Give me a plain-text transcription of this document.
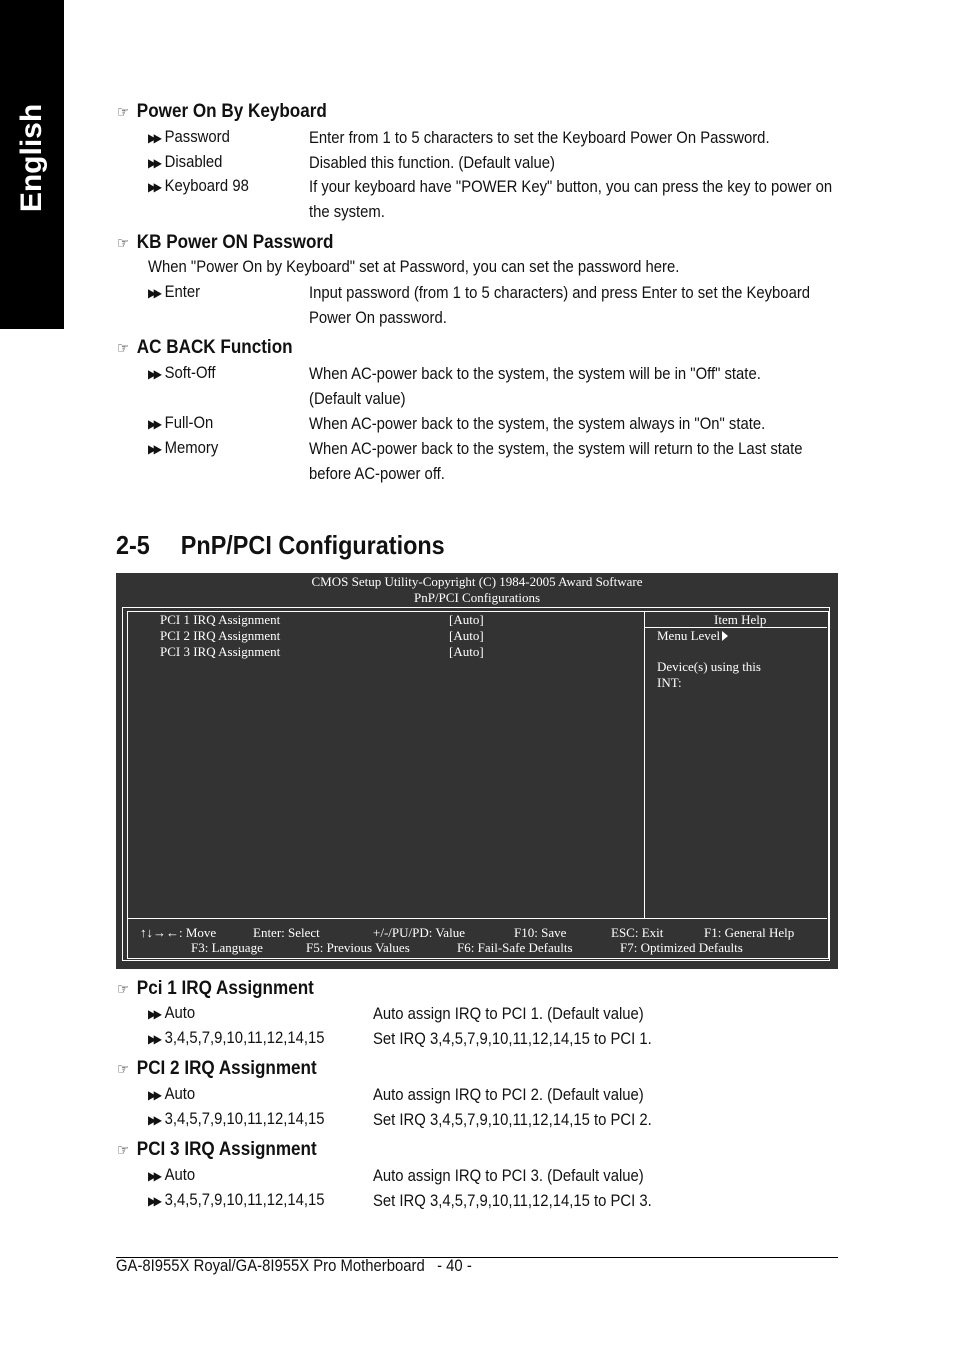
English	☞ Power On By Keyboard
▶▶ Password	Enter from 1 to 5 characters to set the Keyboard Power On Password.
▶▶ Disabled	Disabled this function. (Default value)
▶▶ Keyboard 98	If your keyboard have "POWER Key" button, you can press the key to power on
the system.
☞ KB Power ON Password
When "Power On by Keyboard" set at Password, you can set the password here.
▶▶ Enter	Input password (from 1 to 5 characters) and press Enter to set the Keyboard
Power On password.
☞ AC BACK Function
▶▶ Soft-Off	When AC-power back to the system, the system will be in "Off" state.
(Default value)
▶▶ Full-On	When AC-power back to the system, the system always in "On" state.
▶▶ Memory	When AC-power back to the system, the system will return to the Last state
before AC-power off.
2-5 PnP/PCI Configurations
CMOS Setup Utility-Copyright (C) 1984-2005 Award Software
PnP/PCI Configurations
PCI 1 IRQ Assignment	[Auto]
PCI 2 IRQ Assignment	[Auto]
PCI 3 IRQ Assignment	[Auto]
Item Help
Menu Level
Device(s) using this
INT:
↑↓→←: Move	Enter: Select	+/-/PU/PD: Value	F10: Save	ESC: Exit	F1: General Help
F3: Language	F5: Previous Values	F6: Fail-Safe Defaults	F7: Optimized Defaults
☞ Pci 1 IRQ Assignment
▶▶ Auto	Auto assign IRQ to PCI 1. (Default value)
▶▶ 3,4,5,7,9,10,11,12,14,15	Set IRQ 3,4,5,7,9,10,11,12,14,15 to PCI 1.
☞ PCI 2 IRQ Assignment
▶▶ Auto	Auto assign IRQ to PCI 2. (Default value)
▶▶ 3,4,5,7,9,10,11,12,14,15	Set IRQ 3,4,5,7,9,10,11,12,14,15 to PCI 2.
☞ PCI 3 IRQ Assignment
▶▶ Auto	Auto assign IRQ to PCI 3. (Default value)
▶▶ 3,4,5,7,9,10,11,12,14,15	Set IRQ 3,4,5,7,9,10,11,12,14,15 to PCI 3.
GA-8I955X Royal/GA-8I955X Pro Motherboard - 40 -
